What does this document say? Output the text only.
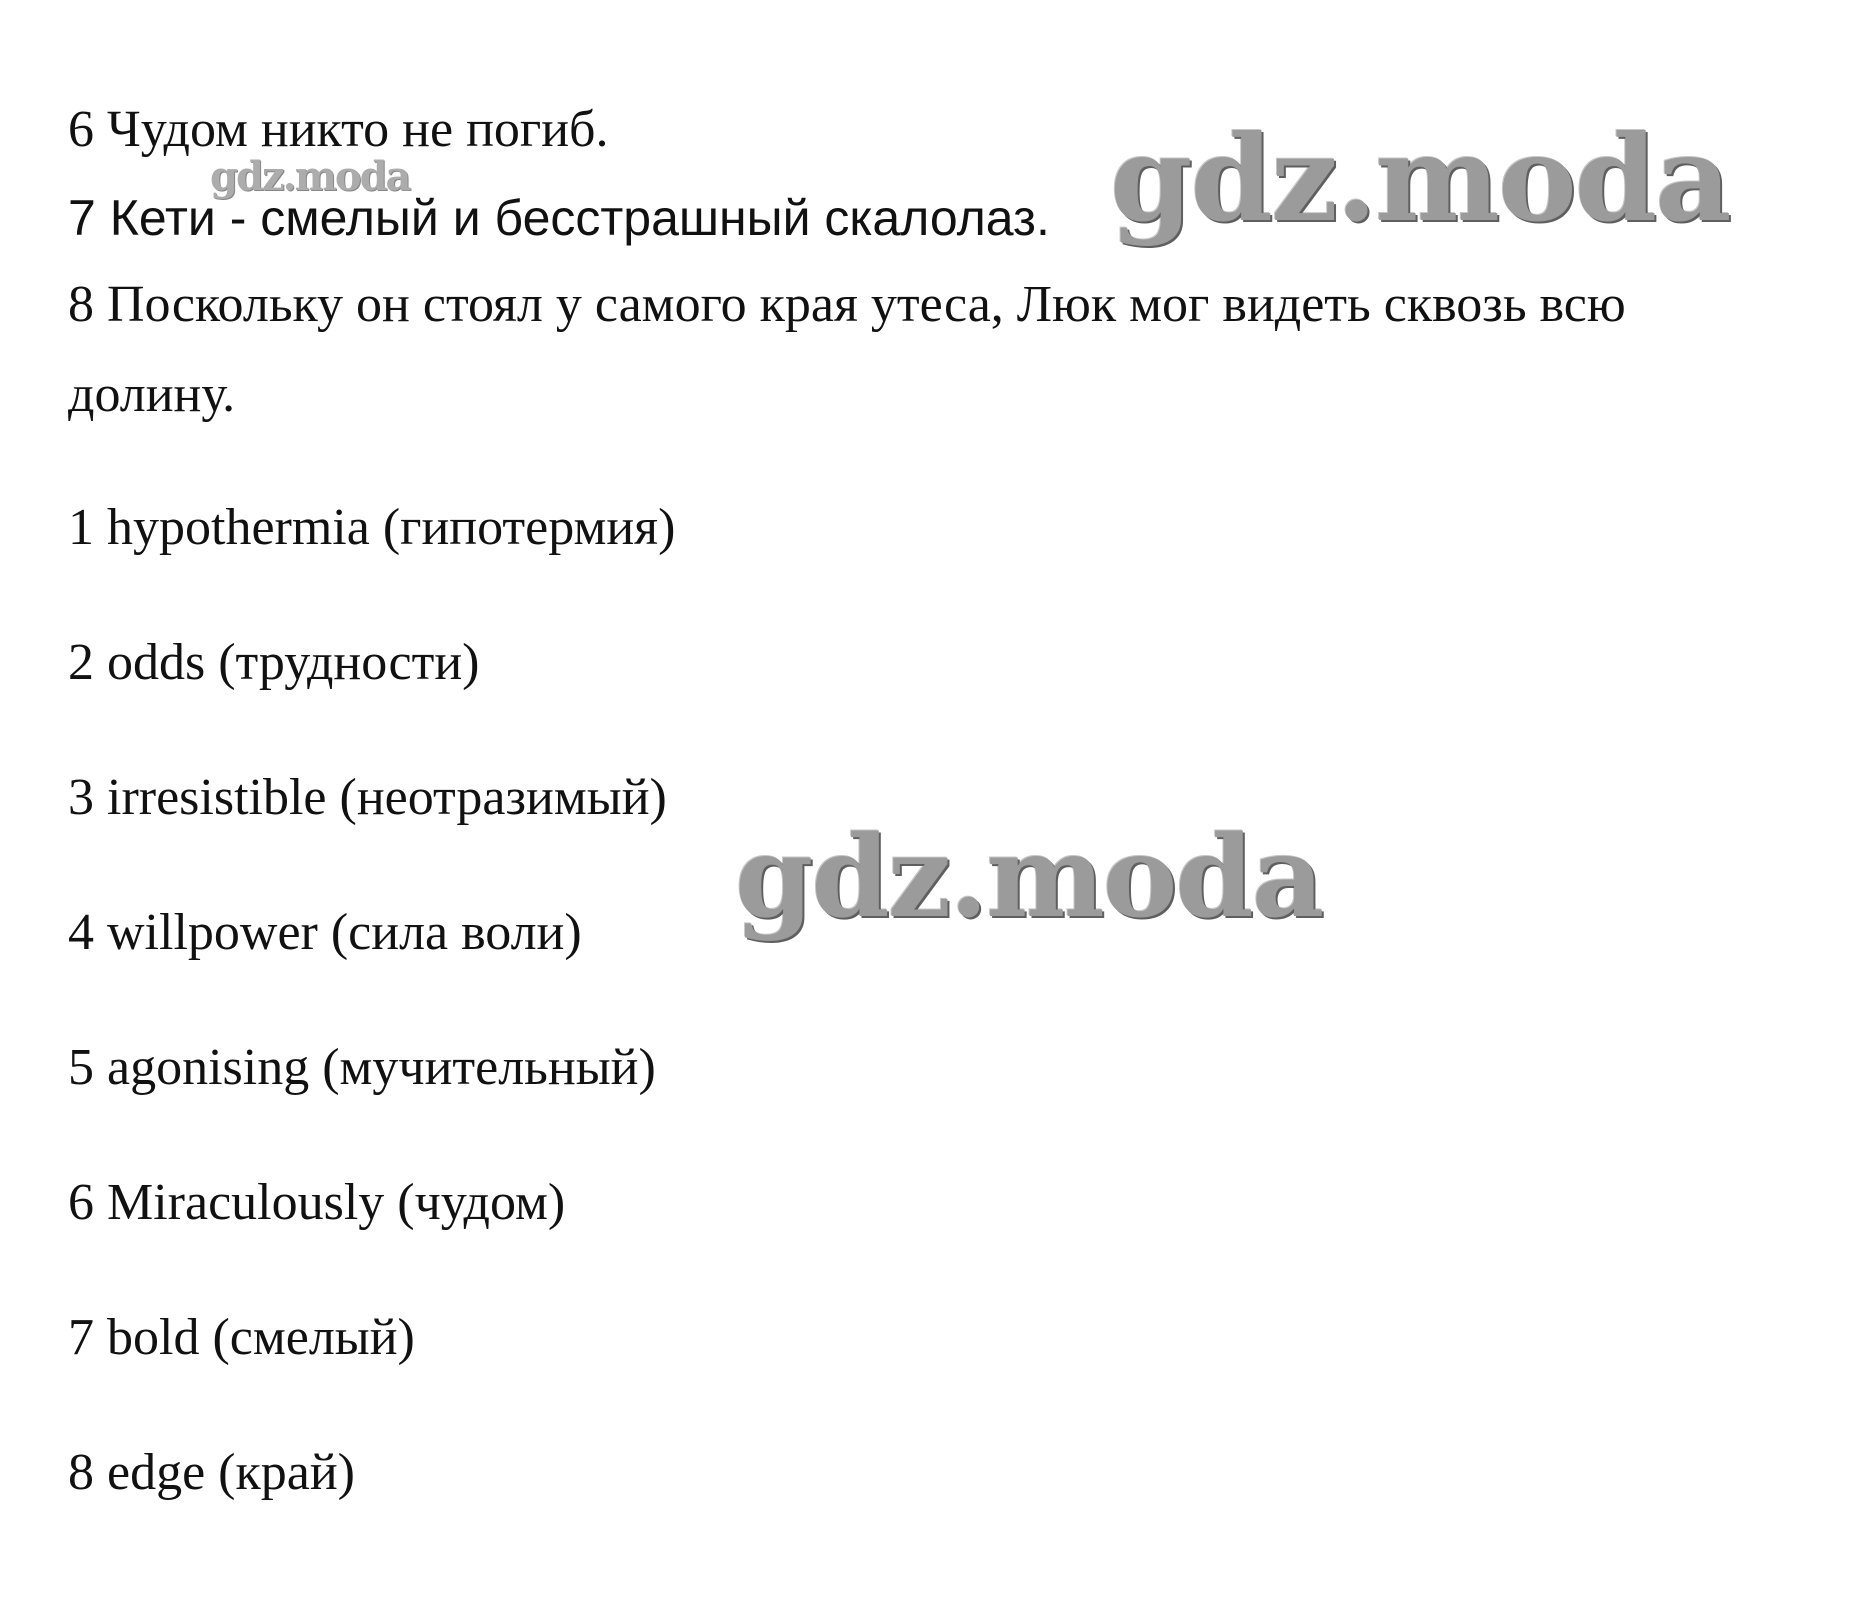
6 Чудом никто не погиб.
7 Кети - смелый и бесстрашный скалолаз.
8 Поскольку он стоял у самого края утеса, Люк мог видеть сквозь всю
долину.
1 hypothermia (гипотермия)
2 odds (трудности)
3 irresistible (неотразимый)
4 willpower (сила воли)
5 agonising (мучительный)
6 Miraculously (чудом)
7 bold (смелый)
8 edge (край)
gdz.moda	gdz.moda
gdz.moda
